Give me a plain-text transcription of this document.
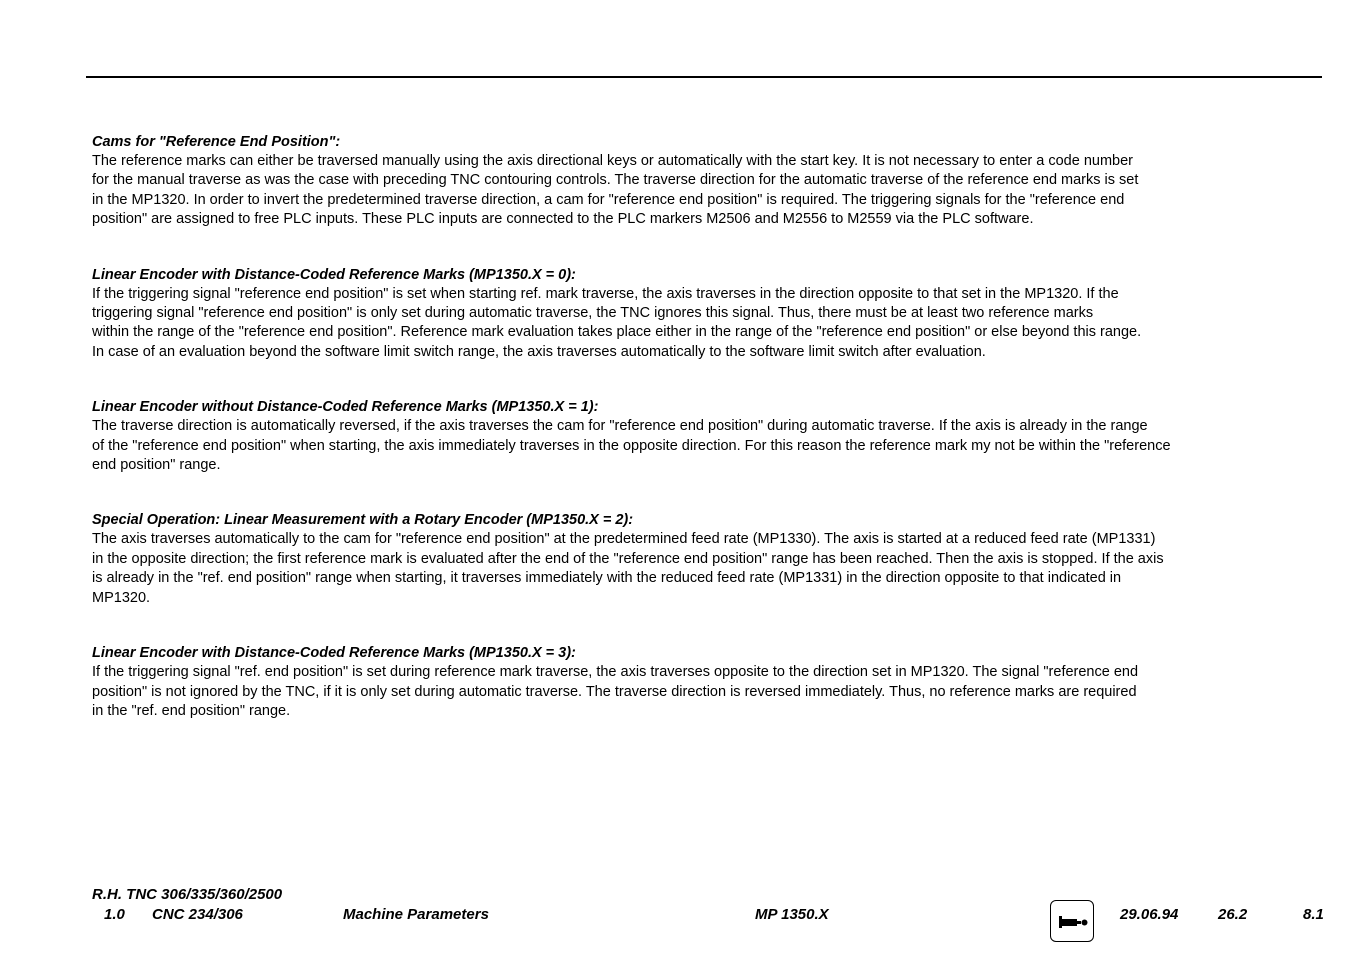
Cams for "Reference End Position":

The reference marks can either be traversed manually using the axis directional keys or automatically with the start key. It is not necessary to enter a code number

for the manual traverse as was the case with preceding TNC contouring controls. The traverse direction for the automatic traverse of the reference end marks is set

in the MP1320. In order to invert the predetermined traverse direction, a cam for "reference end position" is required. The triggering signals for the "reference end

position" are assigned to free PLC inputs. These PLC inputs are connected to the PLC markers M2506 and M2556 to M2559 via the PLC software.

Linear Encoder with Distance-Coded Reference Marks (MP1350.X = 0):

If the triggering signal "reference end position" is set when starting ref. mark traverse, the axis traverses in the direction opposite to that set in the MP1320. If the

triggering signal "reference end position" is only set during automatic traverse, the TNC ignores this signal. Thus, there must be at least two reference marks

within the range of the "reference end position". Reference mark evaluation takes place either in the range of the "reference end position" or else beyond this range.

In case of an evaluation beyond the software limit switch range, the axis traverses automatically to the software limit switch after evaluation.

Linear Encoder without Distance-Coded Reference Marks (MP1350.X = 1):

The traverse direction is automatically reversed, if the axis traverses the cam for "reference end position" during automatic traverse. If the axis is already in the range

of the "reference end position" when starting, the axis immediately traverses in the opposite direction. For this reason the reference mark my not be within the "reference

end position" range.

Special Operation: Linear Measurement with a Rotary Encoder (MP1350.X = 2):

The axis traverses automatically to the cam for "reference end position" at the predetermined feed rate (MP1330). The axis is started at a reduced feed rate (MP1331)

in the opposite direction; the first reference mark is evaluated after the end of the "reference end position" range has been reached. Then the axis is stopped. If the axis

is already in the "ref. end position" range when starting, it traverses immediately with the reduced feed rate (MP1331) in the direction opposite to that indicated in

MP1320.

Linear Encoder with Distance-Coded Reference Marks (MP1350.X = 3):

If the triggering signal "ref. end position" is set during reference mark traverse, the axis traverses opposite to the direction set in MP1320. The signal "reference end

position" is not ignored by the TNC, if it is only set during automatic traverse. The traverse direction is reversed immediately. Thus, no reference marks are required

in the "ref. end position" range.

R.H. TNC 306/335/360/2500
1.0 CNC 234/306	Machine Parameters	MP 1350.X	29.06.94	26.2	8.1
